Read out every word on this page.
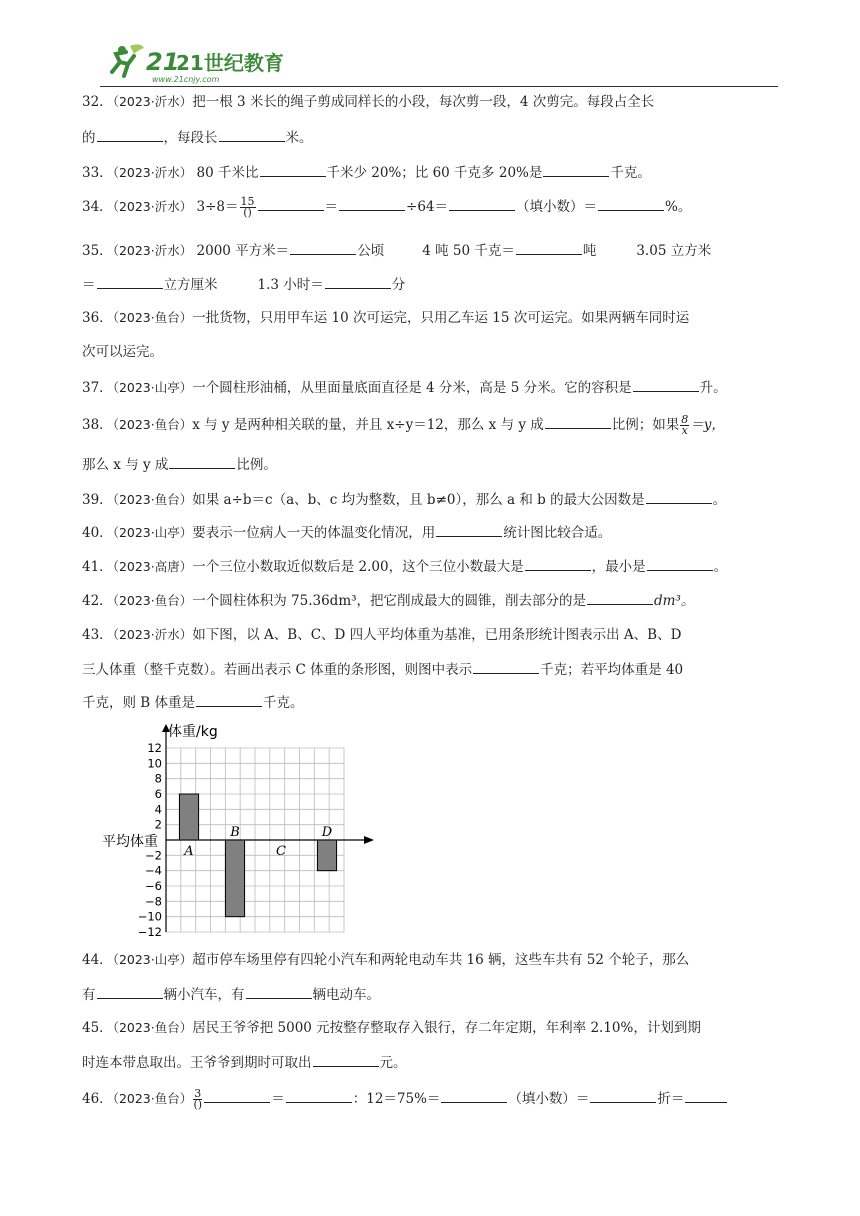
21
21世纪教育
www.21cnjy.com
32．（2023·沂水）把一根 3 米长的绳子剪成同样长的小段，每次剪一段，4 次剪完。每段占全长
的	，每段长	米。
33．（2023·沂水） 80 千米比	千米少 20%；比 60 千克多 20%是	千克。
34．（2023·沂水） $3\div 8= \frac{15}{()}$	＝	÷64＝	（填小数）＝	%。
35．（2023·沂水） 2000 平方米＝	公顷	4 吨 50 千克＝	吨	3.05 立方米
＝	立方厘米	1.3 小时＝	分
36．（2023·鱼台）一批货物，只用甲车运 10 次可运完，只用乙车运 15 次可运完。如果两辆车同时运
次可以运完。
37．（2023·山亭）一个圆柱形油桶，从里面量底面直径是 4 分米，高是 5 分米。它的容积是	升。
38．（2023·鱼台）x 与 y 是两种相关联的量，并且 x÷y＝12，那么 x 与 y 成	比例；如果 $\frac{8}{x} =y$，
那么 x 与 y 成	比例。
39．（2023·鱼台）如果 a÷b＝c（a、b、c 均为整数，且 b≠0），那么 a 和 b 的最大公因数是	。
40．（2023·山亭）要表示一位病人一天的体温变化情况，用	统计图比较合适。
41．（2023·高唐）一个三位小数取近似数后是 2.00，这个三位小数最大是	，最小是	。
42．（2023·鱼台）一个圆柱体积为 75.36dm³，把它削成最大的圆锥，削去部分的是	dm³。
43．（2023·沂水）如下图，以 A、B、C、D 四人平均体重为基准，已用条形统计图表示出 A、B、D
三人体重（整千克数）。若画出表示 C 体重的条形图，则图中表示	千克；若平均体重是 40
千克，则 B 体重是	千克。
体重/kg
平均体重
12
10
8
6
4
2
−2
−4
−6
−8
−10
−12
A
B
C
D
44．（2023·山亭）超市停车场里停有四轮小汽车和两轮电动车共 16 辆，这些车共有 52 个轮子，那么
有	辆小汽车，有	辆电动车。
45．（2023·鱼台）居民王爷爷把 5000 元按整存整取存入银行，存二年定期，年利率 2.10%，计划到期
时连本带息取出。王爷爷到期时可取出	元。
46．（2023·鱼台） $\frac{3}{()}$	＝	：12＝75%＝	（填小数）＝	折＝
